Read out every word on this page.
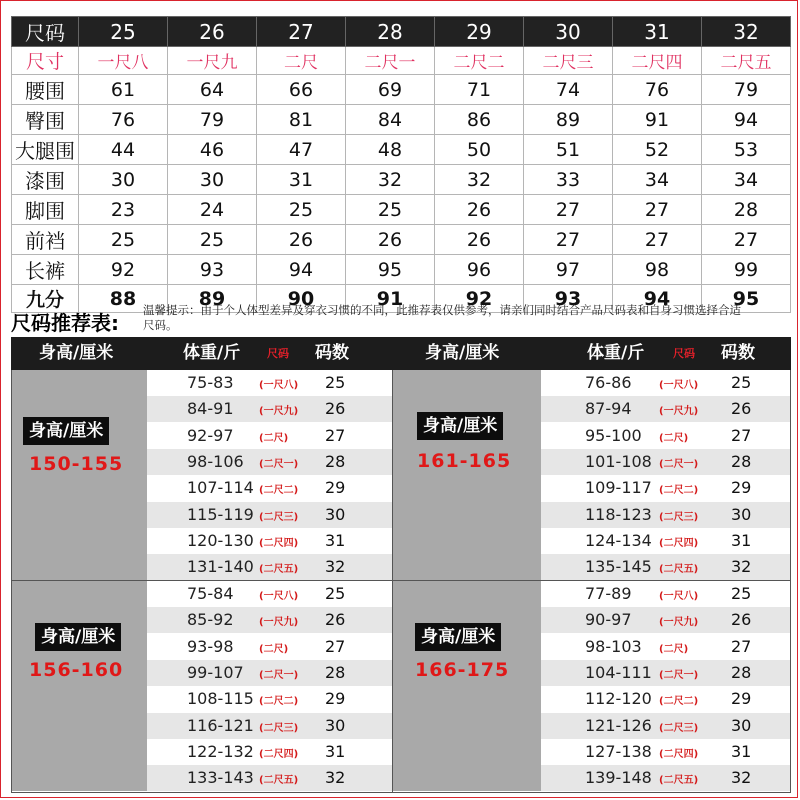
尺码	25	26	27	28	29	30	31	32
尺寸	一尺八	一尺九	二尺	二尺一	二尺二	二尺三	二尺四	二尺五
腰围	61	64	66	69	71	74	76	79
臀围	76	79	81	84	86	89	91	94
大腿围	44	46	47	48	50	51	52	53
漆围	30	30	31	32	32	33	34	34
脚围	23	24	25	25	26	27	27	28
前裆	25	25	26	26	26	27	27	27
长裤	92	93	94	95	96	97	98	99
九分	88	89	90	91	92	93	94	95
尺码推荐表:
温馨提示：由于个人体型差异及穿衣习惯的不同，此推荐表仅供参考，请亲们同时结合产品尺码表和自身习惯选择合适尺码。
身高/厘米	体重/斤 尺码 码数	身高/厘米	体重/斤	尺码 码数
身高/厘米
150-155
75-83	(一尺八) 25
84-91	(一尺九) 26
92-97	(二尺) 27
98-106 (二尺一) 28
107-114 (二尺二) 29
115-119 (二尺三) 30
120-130 (二尺四) 31
131-140 (二尺五) 32
身高/厘米
161-165
76-86	(一尺八) 25
87-94	(一尺九) 26
95-100 (二尺)	27
101-108 (二尺一) 28
109-117 (二尺二) 29
118-123 (二尺三) 30
124-134 (二尺四) 31
135-145 (二尺五) 32
身高/厘米
156-160
75-84	(一尺八) 25
85-92	(一尺九) 26
93-98	(二尺) 27
99-107 (二尺一) 28
108-115 (二尺二) 29
116-121 (二尺三) 30
122-132 (二尺四) 31
133-143 (二尺五) 32
身高/厘米
166-175
77-89	(一尺八) 25
90-97	(一尺九) 26
98-103 (二尺)	27
104-111 (二尺一) 28
112-120 (二尺二) 29
121-126 (二尺三) 30
127-138 (二尺四) 31
139-148 (二尺五) 32
